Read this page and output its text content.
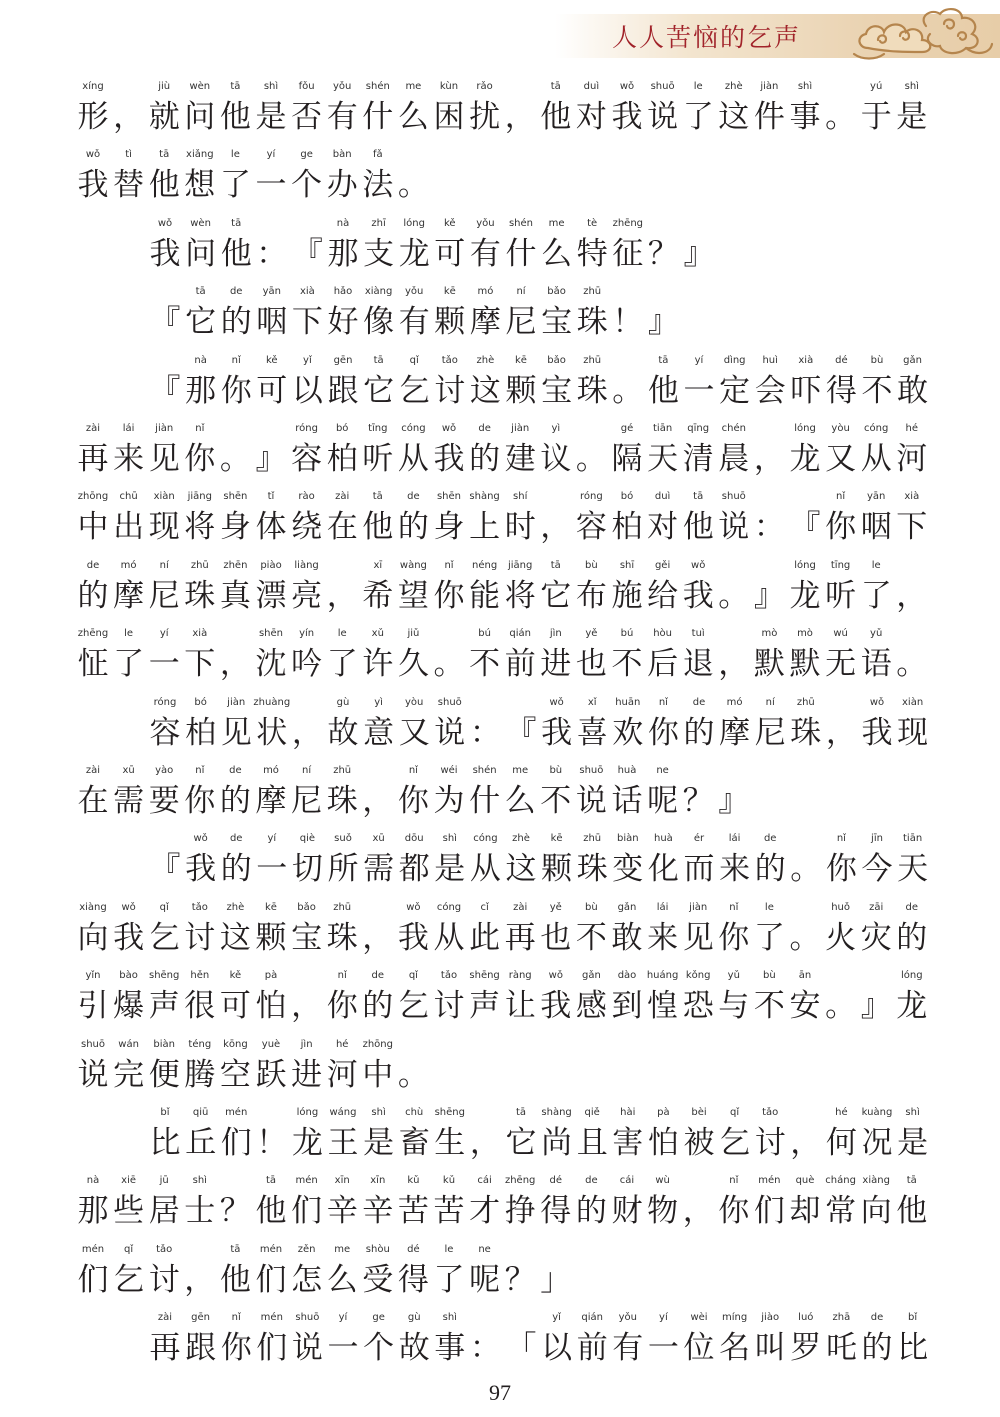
人人苦恼的乞声
xíng
形 ，
jiù
就
wèn
问
tā
他
shì
是
fǒu
否
yǒu
有
shén
什
me
么
kùn
困
rǎo
扰 ，
tā
他
duì
对
wǒ
我
shuō
说
le
了
zhè
这
jiàn
件
shì
事 。
yú
于
shì
是
wǒ
我
tì
替
tā
他
xiǎng
想
le
了
yí
一
ge
个
bàn
办
fǎ
法 。
wǒ
我
wèn
问
tā
他 ： 『
nà
那
zhī
支
lóng
龙
kě
可
yǒu
有
shén
什
me
么
tè
特
zhēng
征 ？ 』
『
tā
它
de
的
yān
咽
xià
下
hǎo
好
xiàng
像
yǒu
有
kē
颗
mó
摩
ní
尼
bǎo
宝
zhū
珠 ！ 』
『
nà
那
nǐ
你
kě
可
yǐ
以
gēn
跟
tā
它
qǐ
乞
tǎo
讨
zhè
这
kē
颗
bǎo
宝
zhū
珠 。
tā
他
yí
一
dìng
定
huì
会
xià
吓
dé
得
bù
不
gǎn
敢
zài
再
lái
来
jiàn
见
nǐ
你 。 』
róng
容
bó
柏
tīng
听
cóng
从
wǒ
我
de
的
jiàn
建
yì
议 。
gé
隔
tiān
天
qīng
清
chén
晨 ，
lóng
龙
yòu
又
cóng
从
hé
河
zhōng
中
chū
出
xiàn
现
jiāng
将
shēn
身
tǐ
体
rào
绕
zài
在
tā
他
de
的
shēn
身
shàng
上
shí
时 ，
róng
容
bó
柏
duì
对
tā
他
shuō
说 ： 『
nǐ
你
yān
咽
xià
下
de
的
mó
摩
ní
尼
zhū
珠
zhēn
真
piào
漂
liàng
亮 ，
xī
希
wàng
望
nǐ
你
néng
能
jiāng
将
tā
它
bù
布
shī
施
gěi
给
wǒ
我 。 』
lóng
龙
tīng
听
le
了 ，
zhēng
怔
le
了
yí
一
xià
下 ，
shēn
沈
yín
吟
le
了
xǔ
许
jiǔ
久 。
bú
不
qián
前
jìn
进
yě
也
bú
不
hòu
后
tuì
退 ，
mò
默
mò
默
wú
无
yǔ
语 。
róng
容
bó
柏
jiàn
见
zhuàng
状 ，
gù
故
yì
意
yòu
又
shuō
说 ： 『
wǒ
我
xǐ
喜
huān
欢
nǐ
你
de
的
mó
摩
ní
尼
zhū
珠 ，
wǒ
我
xiàn
现
zài
在
xū
需
yào
要
nǐ
你
de
的
mó
摩
ní
尼
zhū
珠 ，
nǐ
你
wéi
为
shén
什
me
么
bù
不
shuō
说
huà
话
ne
呢 ？ 』
『
wǒ
我
de
的
yí
一
qiè
切
suǒ
所
xū
需
dōu
都
shì
是
cóng
从
zhè
这
kē
颗
zhū
珠
biàn
变
huà
化
ér
而
lái
来
de
的 。
nǐ
你
jīn
今
tiān
天
xiàng
向
wǒ
我
qǐ
乞
tǎo
讨
zhè
这
kē
颗
bǎo
宝
zhū
珠 ，
wǒ
我
cóng
从
cǐ
此
zài
再
yě
也
bù
不
gǎn
敢
lái
来
jiàn
见
nǐ
你
le
了 。
huǒ
火
zāi
灾
de
的
yǐn
引
bào
爆
shēng
声
hěn
很
kě
可
pà
怕 ，
nǐ
你
de
的
qǐ
乞
tǎo
讨
shēng
声
ràng
让
wǒ
我
gǎn
感
dào
到
huáng
惶
kǒng
恐
yǔ
与
bù
不
ān
安 。 』
lóng
龙
shuō
说
wán
完
biàn
便
téng
腾
kōng
空
yuè
跃
jìn
进
hé
河
zhōng
中 。
bǐ
比
qiū
丘
mén
们 ！
lóng
龙
wáng
王
shì
是
chù
畜
shēng
生 ，
tā
它
shàng
尚
qiě
且
hài
害
pà
怕
bèi
被
qǐ
乞
tǎo
讨 ，
hé
何
kuàng
况
shì
是
nà
那
xiē
些
jū
居
shì
士 ？
tā
他
mén
们
xīn
辛
xīn
辛
kǔ
苦
kǔ
苦
cái
才
zhēng
挣
dé
得
de
的
cái
财
wù
物 ，
nǐ
你
mén
们
què
却
cháng
常
xiàng
向
tā
他
mén
们
qǐ
乞
tǎo
讨 ，
tā
他
mén
们
zěn
怎
me
么
shòu
受
dé
得
le
了
ne
呢 ？ 」
zài
再
gēn
跟
nǐ
你
mén
们
shuō
说
yí
一
ge
个
gù
故
shì
事 ： 「
yǐ
以
qián
前
yǒu
有
yí
一
wèi
位
míng
名
jiào
叫
luó
罗
zhā
吒
de
的
bǐ
比
97
